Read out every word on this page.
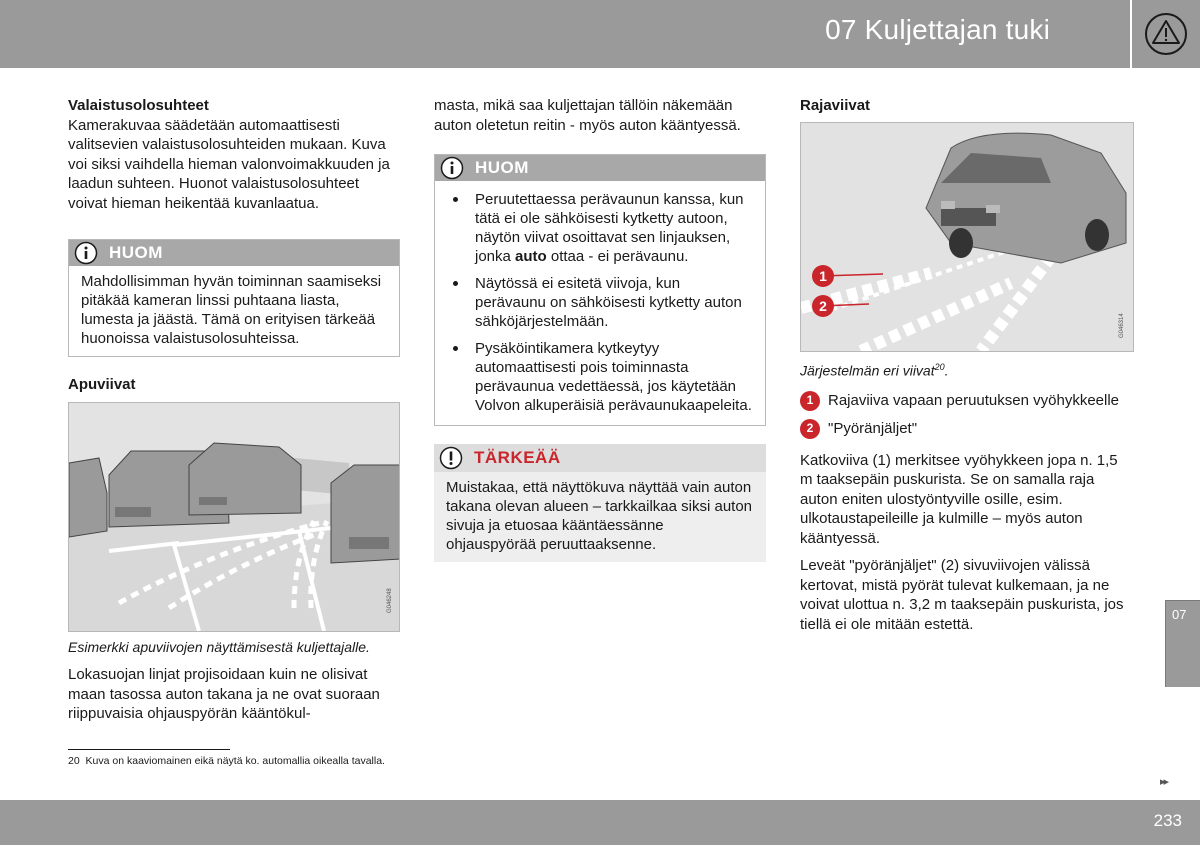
07 Kuljettajan tuki
Valaistusolosuhteet

Kamerakuvaa säädetään automaattisesti valitsevien valaistusolosuhteiden mukaan. Kuva voi siksi vaihdella hieman valonvoimakkuuden ja laadun suhteen. Huonot valaistusolosuhteet voivat hieman heikentää kuvanlaatua.

HUOM
Mahdollisimman hyvän toiminnan saamiseksi pitäkää kameran linssi puhtaana liasta, lumesta ja jäästä. Tämä on erityisen tärkeää huonoissa valaistusolosuhteissa.
Apuviivat
G046248
Esimerkki apuviivojen näyttämisestä kuljettajalle.

Lokasuojan linjat projisoidaan kuin ne olisivat maan tasossa auton takana ja ne ovat suoraan riippuvaisia ohjauspyörän kääntökul-

masta, mikä saa kuljettajan tällöin näkemään auton oletetun reitin - myös auton kääntyessä.

HUOM
Peruutettaessa perävaunun kanssa, kun tätä ei ole sähköisesti kytketty autoon, näytön viivat osoittavat sen linjauksen, jonka auto ottaa - ei perävaunu.
Näytössä ei esitetä viivoja, kun perävaunu on sähköisesti kytketty auton sähköjärjestelmään.
Pysäköintikamera kytkeytyy automaattisesti pois toiminnasta perävaunua vedettäessä, jos käytetään Volvon alkuperäisiä perävaunukaapeleita.
TÄRKEÄÄ
Muistakaa, että näyttökuva näyttää vain auton takana olevan alueen – tarkkailkaa siksi auton sivuja ja etuosaa kääntäessänne ohjauspyörää peruuttaaksenne.
Rajaviivat
1
2
G046314
Järjestelmän eri viivat$^{20}$.
1 Rajaviiva vapaan peruutuksen vyöhykkeelle
2 "Pyöränjäljet"

Katkoviiva (1) merkitsee vyöhykkeen jopa n. 1,5 m taaksepäin puskurista. Se on samalla raja auton eniten ulostyöntyville osille, esim. ulkotaustapeileille ja kulmille – myös auton kääntyessä.

Leveät "pyöränjäljet" (2) sivuviivojen välissä kertovat, mistä pyörät tulevat kulkemaan, ja ne voivat ulottua n. 3,2 m taaksepäin puskurista, jos tiellä ei ole mitään estettä.

20 Kuva on kaaviomainen eikä näytä ko. automallia oikealla tavalla.
07
▸▸
233
